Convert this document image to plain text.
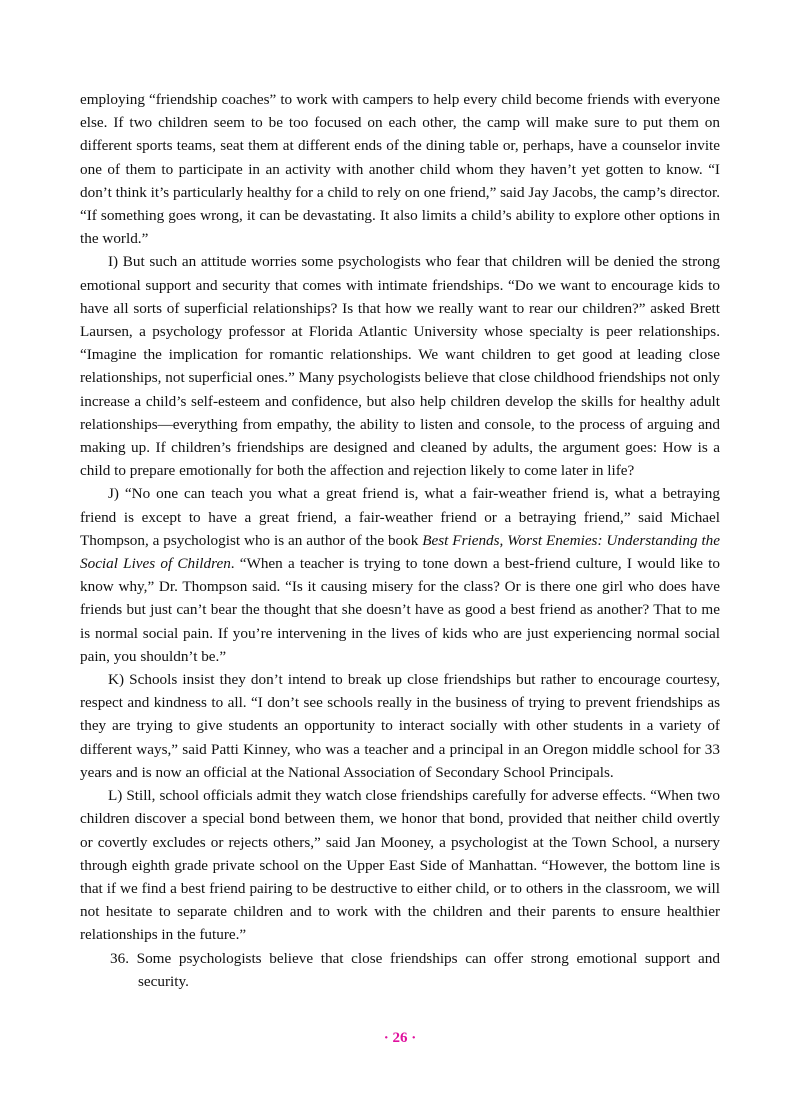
employing “friendship coaches” to work with campers to help every child become friends with everyone else. If two children seem to be too focused on each other, the camp will make sure to put them on different sports teams, seat them at different ends of the dining table or, perhaps, have a counselor invite one of them to participate in an activity with another child whom they haven’t yet gotten to know. “I don’t think it’s particularly healthy for a child to rely on one friend,” said Jay Jacobs, the camp’s director. “If something goes wrong, it can be devastating. It also limits a child’s ability to explore other options in the world.”

I) But such an attitude worries some psychologists who fear that children will be denied the strong emotional support and security that comes with intimate friendships. “Do we want to encourage kids to have all sorts of superficial relationships? Is that how we really want to rear our children?” asked Brett Laursen, a psychology professor at Florida Atlantic University whose specialty is peer relationships. “Imagine the implication for romantic relationships. We want children to get good at leading close relationships, not superficial ones.” Many psychologists believe that close childhood friendships not only increase a child’s self-esteem and confidence, but also help children develop the skills for healthy adult relationships—everything from empathy, the ability to listen and console, to the process of arguing and making up. If children’s friendships are designed and cleaned by adults, the argument goes: How is a child to prepare emotionally for both the affection and rejection likely to come later in life?

J) “No one can teach you what a great friend is, what a fair-weather friend is, what a betraying friend is except to have a great friend, a fair-weather friend or a betraying friend,” said Michael Thompson, a psychologist who is an author of the book Best Friends, Worst Enemies: Understanding the Social Lives of Children. “When a teacher is trying to tone down a best-friend culture, I would like to know why,” Dr. Thompson said. “Is it causing misery for the class? Or is there one girl who does have friends but just can’t bear the thought that she doesn’t have as good a best friend as another? That to me is normal social pain. If you’re intervening in the lives of kids who are just experiencing normal social pain, you shouldn’t be.”

K) Schools insist they don’t intend to break up close friendships but rather to encourage courtesy, respect and kindness to all. “I don’t see schools really in the business of trying to prevent friendships as they are trying to give students an opportunity to interact socially with other students in a variety of different ways,” said Patti Kinney, who was a teacher and a principal in an Oregon middle school for 33 years and is now an official at the National Association of Secondary School Principals.

L) Still, school officials admit they watch close friendships carefully for adverse effects. “When two children discover a special bond between them, we honor that bond, provided that neither child overtly or covertly excludes or rejects others,” said Jan Mooney, a psychologist at the Town School, a nursery through eighth grade private school on the Upper East Side of Manhattan. “However, the bottom line is that if we find a best friend pairing to be destructive to either child, or to others in the classroom, we will not hesitate to separate children and to work with the children and their parents to ensure healthier relationships in the future.”

36. Some psychologists believe that close friendships can offer strong emotional support and security.

· 26 ·
